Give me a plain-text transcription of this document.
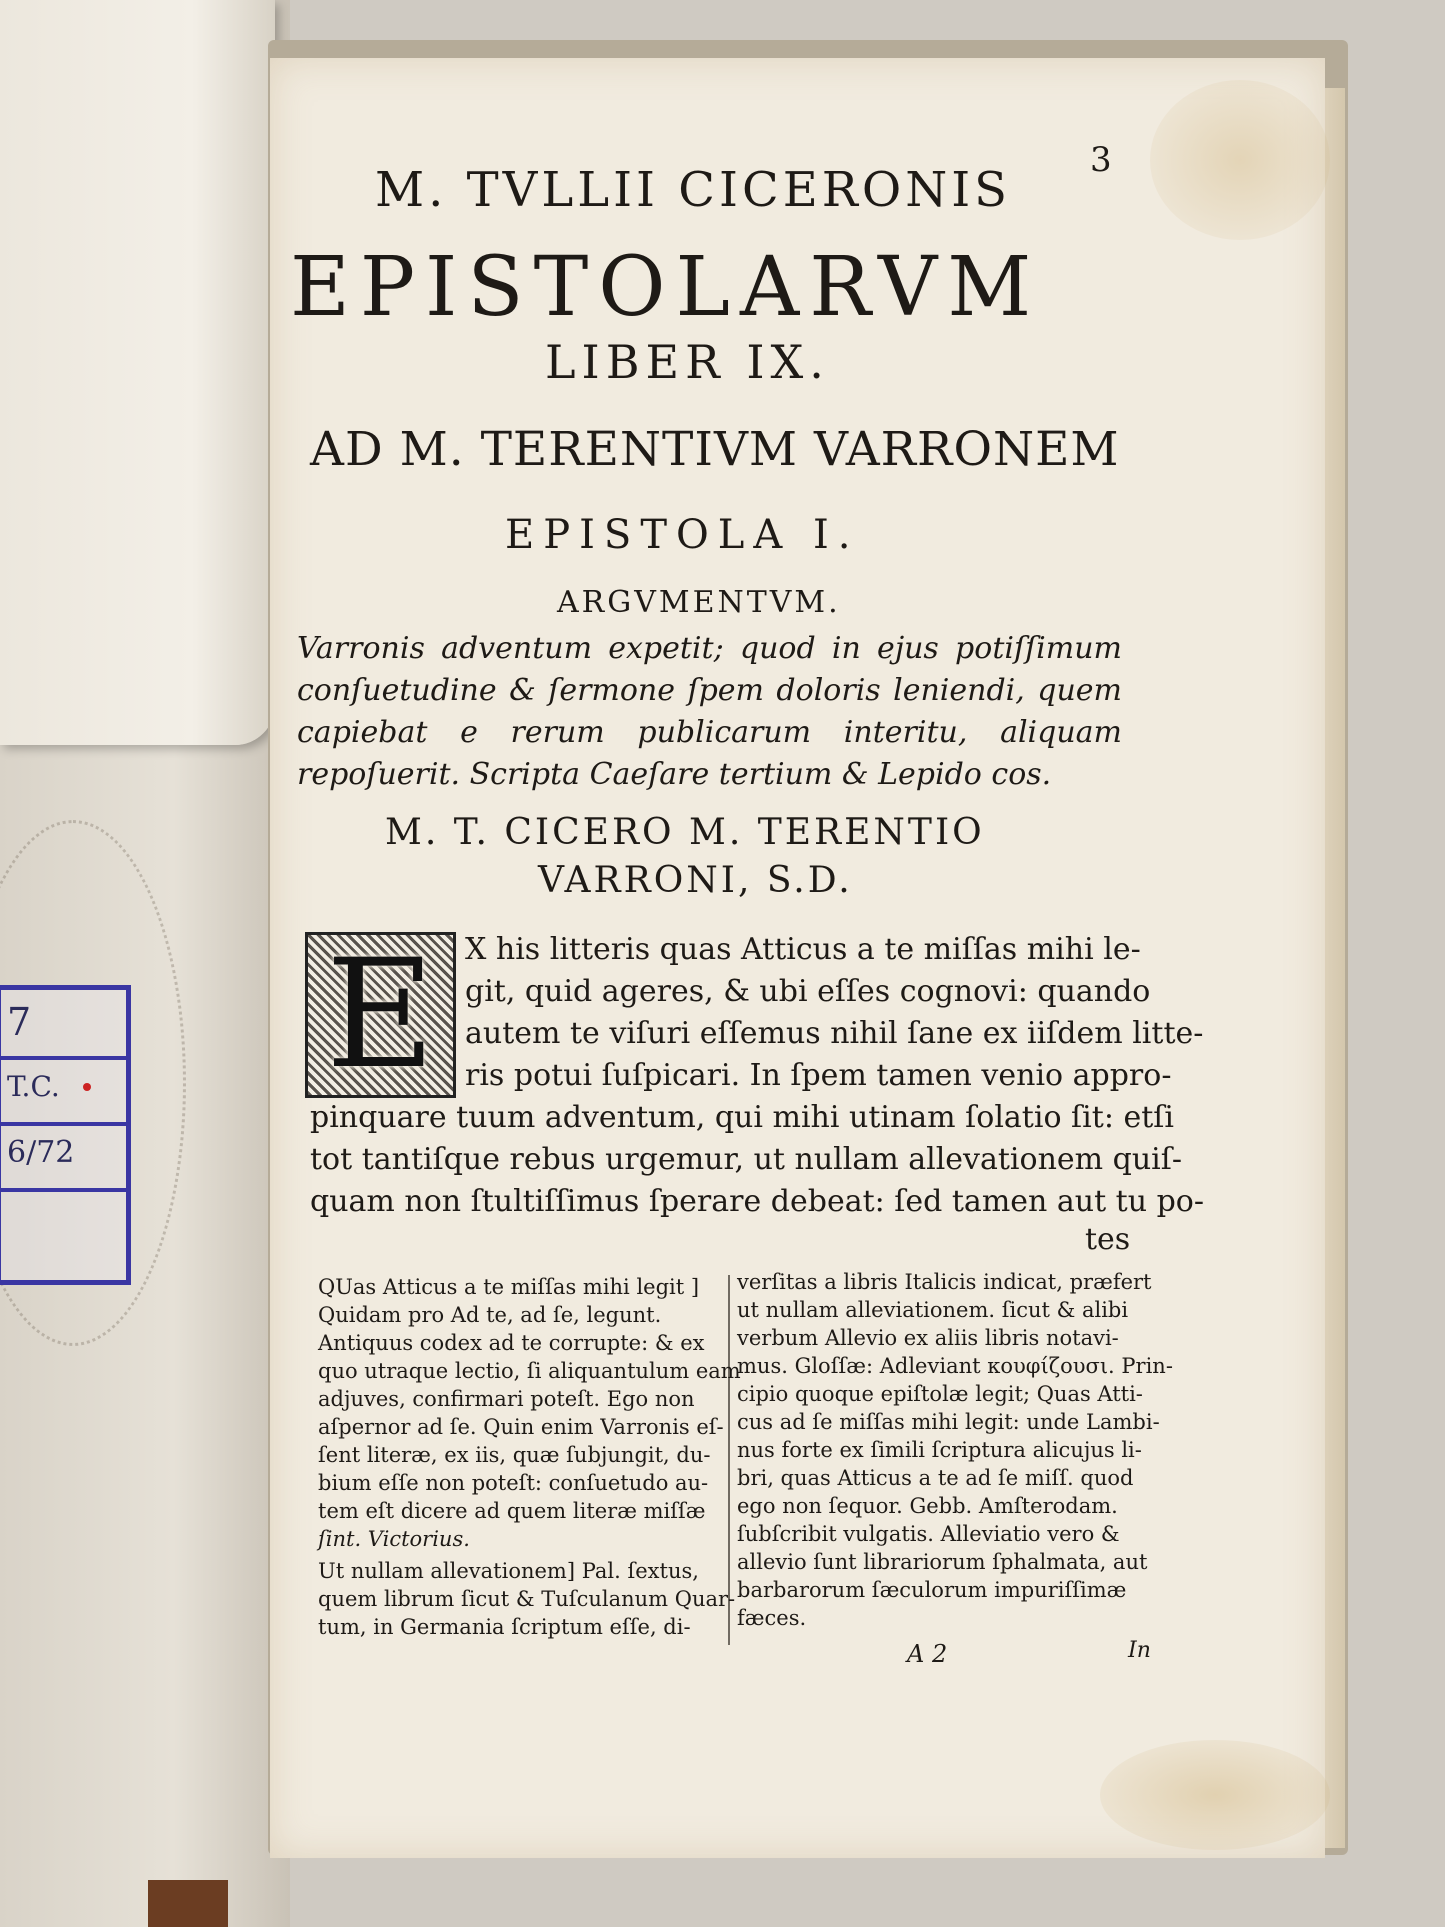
7
T.C.
6/72
3
M. TVLLII CICERONIS
EPISTOLARVM
LIBER IX.
AD M. TERENTIVM VARRONEM
EPISTOLA I.
ARGVMENTVM.
Varronis adventum expetit; quod in ejus potiſſimum conſuetudine & ſermone ſpem doloris leniendi, quem capiebat e rerum publicarum interitu, aliquam repoſuerit. Scripta Caeſare tertium & Lepido cos.
M. T. CICERO M. TERENTIO
VARRONI, S.D.
E X his litteris quas Atticus a te miſſas mihi le-
git, quid ageres, & ubi eſſes cognovi: quando
autem te viſuri eſſemus nihil ſane ex iiſdem litte-
ris potui ſuſpicari. In ſpem tamen venio appro-
pinquare tuum adventum, qui mihi utinam ſolatio ſit: etſi
tot tantiſque rebus urgemur, ut nullam allevationem quiſ-
quam non ſtultiſſimus ſperare debeat: ſed tamen aut tu po-
tes
QUas Atticus a te miſſas mihi legit ]
Quidam pro Ad te, ad ſe, legunt.
Antiquus codex ad te corrupte: & ex
quo utraque lectio, ſi aliquantulum eam
adjuves, confirmari poteſt. Ego non
aſpernor ad ſe. Quin enim Varronis eſ-
ſent literæ, ex iis, quæ ſubjungit, du-
bium eſſe non poteſt: conſuetudo au-
tem eſt dicere ad quem literæ miſſæ
ſint. Victorius.
Ut nullam allevationem] Pal. ſextus,
quem librum ſicut & Tuſculanum Quar-
tum, in Germania ſcriptum eſſe, di-
verſitas a libris Italicis indicat, præfert
ut nullam alleviationem. ſicut & alibi
verbum Allevio ex aliis libris notavi-
mus. Gloſſæ: Adleviant κουφίζουσι. Prin-
cipio quoque epiſtolæ legit; Quas Atti-
cus ad ſe miſſas mihi legit: unde Lambi-
nus forte ex ſimili ſcriptura alicujus li-
bri, quas Atticus a te ad ſe miſſ. quod
ego non ſequor. Gebb. Amſterodam.
ſubſcribit vulgatis. Alleviatio vero &
allevio ſunt librariorum ſphalmata, aut
barbarorum ſæculorum impuriſſimæ
fæces.
A 2	In
